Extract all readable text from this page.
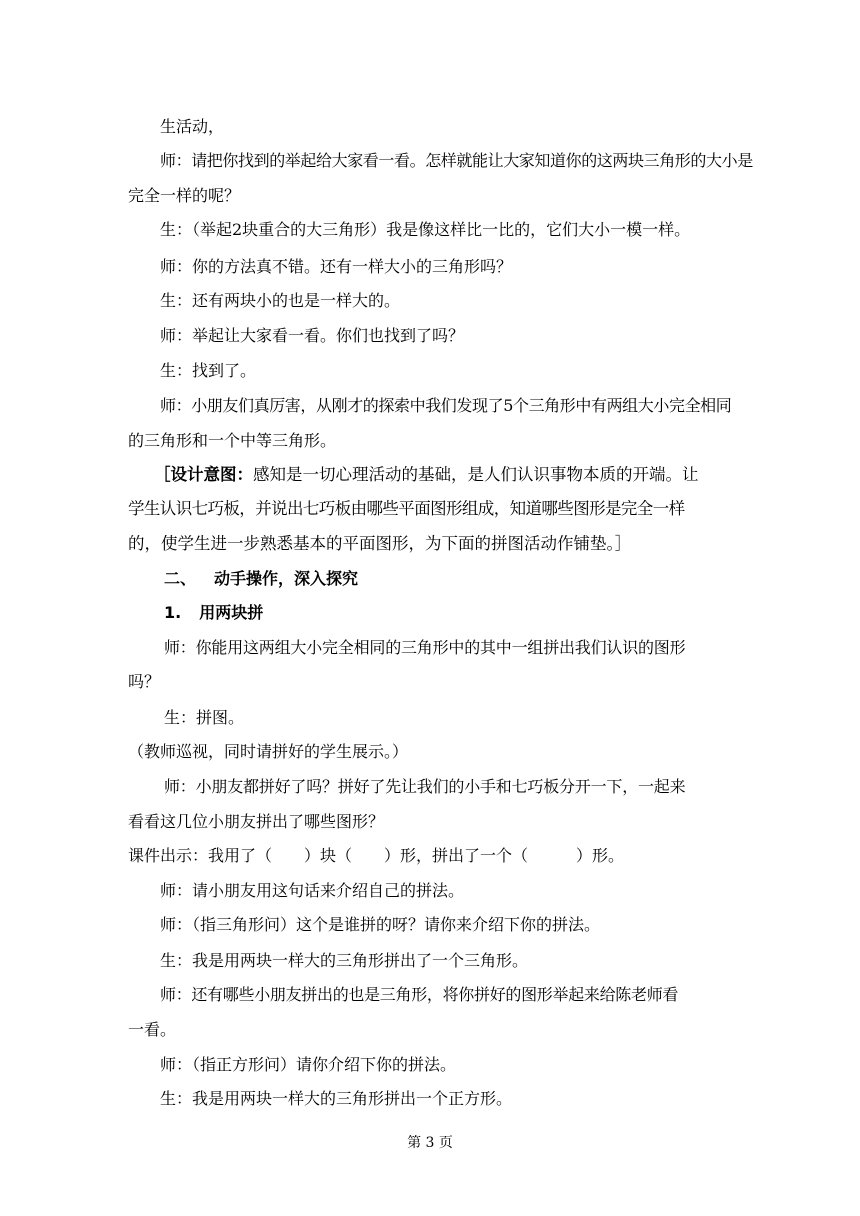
生活动，
师：请把你找到的举起给大家看一看。怎样就能让大家知道你的这两块三角形的大小是
完全一样的呢？
生：（举起2块重合的大三角形）我是像这样比一比的，它们大小一模一样。
师：你的方法真不错。还有一样大小的三角形吗？
生：还有两块小的也是一样大的。
师：举起让大家看一看。你们也找到了吗？
生：找到了。
师：小朋友们真厉害，从刚才的探索中我们发现了5个三角形中有两组大小完全相同
的三角形和一个中等三角形。
［设计意图：感知是一切心理活动的基础，是人们认识事物本质的开端。让
学生认识七巧板，并说出七巧板由哪些平面图形组成，知道哪些图形是完全一样
的，使学生进一步熟悉基本的平面图形，为下面的拼图活动作铺垫。］
二、 动手操作，深入探究
1. 用两块拼
师：你能用这两组大小完全相同的三角形中的其中一组拼出我们认识的图形
吗？
生：拼图。
（教师巡视，同时请拼好的学生展示。）
师：小朋友都拼好了吗？拼好了先让我们的小手和七巧板分开一下，一起来
看看这几位小朋友拼出了哪些图形？
课件出示：我用了（　　）块（　　）形，拼出了一个（　　　）形。
师：请小朋友用这句话来介绍自己的拼法。
师：（指三角形问）这个是谁拼的呀？请你来介绍下你的拼法。
生：我是用两块一样大的三角形拼出了一个三角形。
师：还有哪些小朋友拼出的也是三角形，将你拼好的图形举起来给陈老师看
一看。
师：（指正方形问）请你介绍下你的拼法。
生：我是用两块一样大的三角形拼出一个正方形。
第 3 页
